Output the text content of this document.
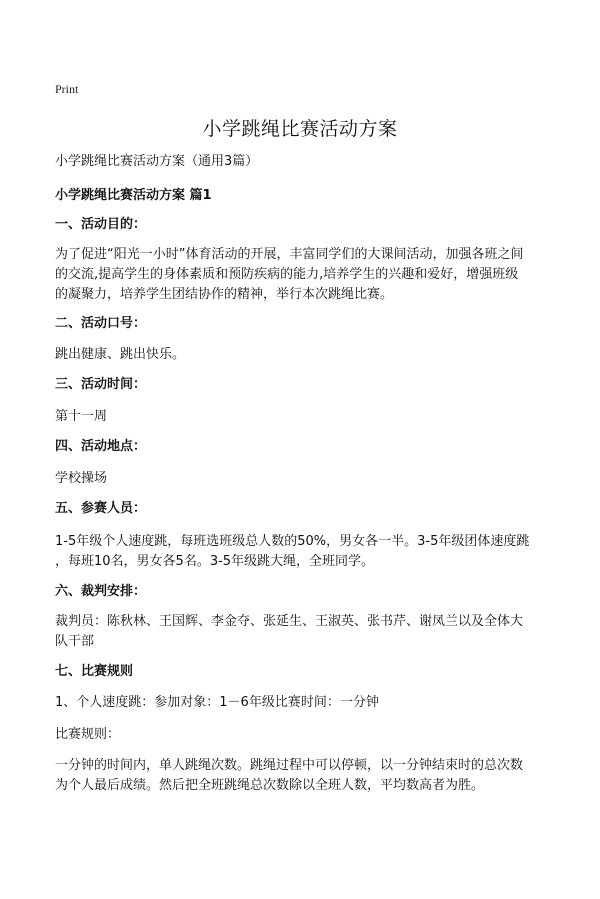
Print
小学跳绳比赛活动方案

小学跳绳比赛活动方案（通用3篇）

小学跳绳比赛活动方案 篇1

一、活动目的：

为了促进“阳光一小时”体育活动的开展，丰富同学们的大课间活动，加强各班之间
的交流,提高学生的身体素质和预防疾病的能力,培养学生的兴趣和爱好，增强班级
的凝聚力，培养学生团结协作的精神，举行本次跳绳比赛。

二、活动口号：

跳出健康、跳出快乐。

三、活动时间：

第十一周

四、活动地点：

学校操场

五、参赛人员：

1-5年级个人速度跳，每班选班级总人数的50%，男女各一半。3-5年级团体速度跳
，每班10名，男女各5名。3-5年级跳大绳，全班同学。

六、裁判安排：

裁判员：陈秋林、王国辉、李金夺、张延生、王淑英、张书芹、谢凤兰以及全体大
队干部

七、比赛规则

1、个人速度跳：参加对象：1－6年级比赛时间：一分钟

比赛规则：

一分钟的时间内，单人跳绳次数。跳绳过程中可以停顿，以一分钟结束时的总次数
为个人最后成绩。然后把全班跳绳总次数除以全班人数，平均数高者为胜。
